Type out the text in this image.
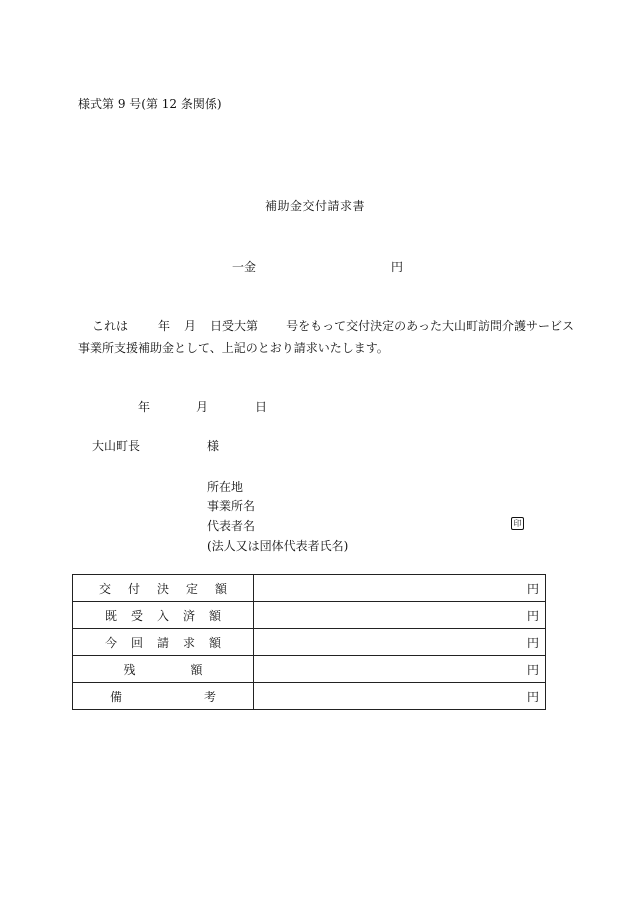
様式第 9 号(第 12 条関係)
補助金交付請求書
一金	円
これは	年 月 日受大第 号をもって交付決定のあった大山町訪問介護サービス
事業所支援補助金として、上記のとおり請求いたします。
年	月	日
大山町長	様
所在地
事業所名
代表者名	印
(法人又は団体代表者氏名)
交付決定額	円
既受入済額	円
今回請求額	円
残額	円
備考	円
